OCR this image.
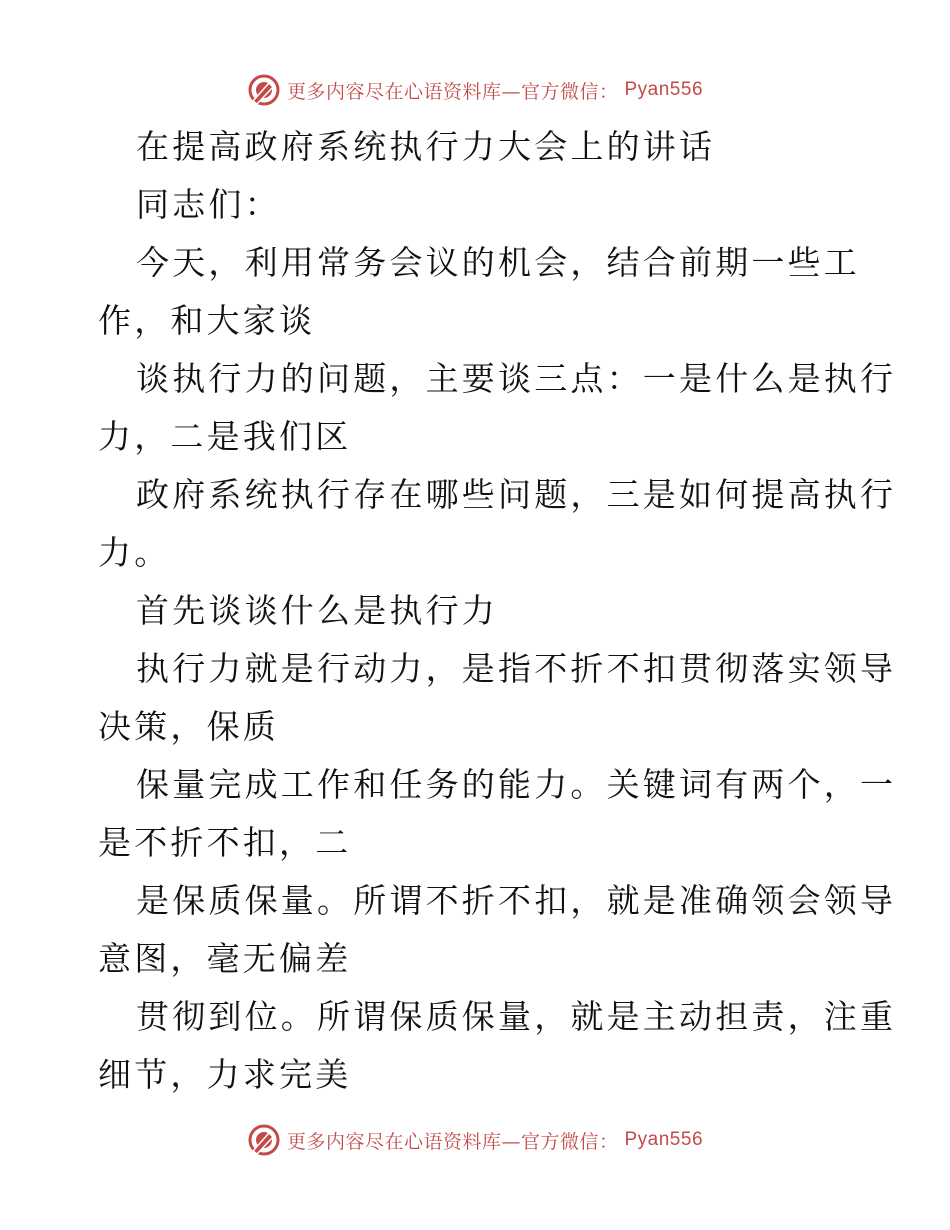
更多内容尽在心语资料库—官方微信： Pyan556
在提高政府系统执行力大会上的讲话
同志们：
今天，利用常务会议的机会，结合前期一些工
作，和大家谈
谈执行力的问题，主要谈三点：一是什么是执行
力，二是我们区
政府系统执行存在哪些问题，三是如何提高执行
力。
首先谈谈什么是执行力
执行力就是行动力，是指不折不扣贯彻落实领导
决策，保质
保量完成工作和任务的能力。关键词有两个，一
是不折不扣，二
是保质保量。所谓不折不扣，就是准确领会领导
意图，毫无偏差
贯彻到位。所谓保质保量，就是主动担责，注重
细节，力求完美
更多内容尽在心语资料库—官方微信： Pyan556
